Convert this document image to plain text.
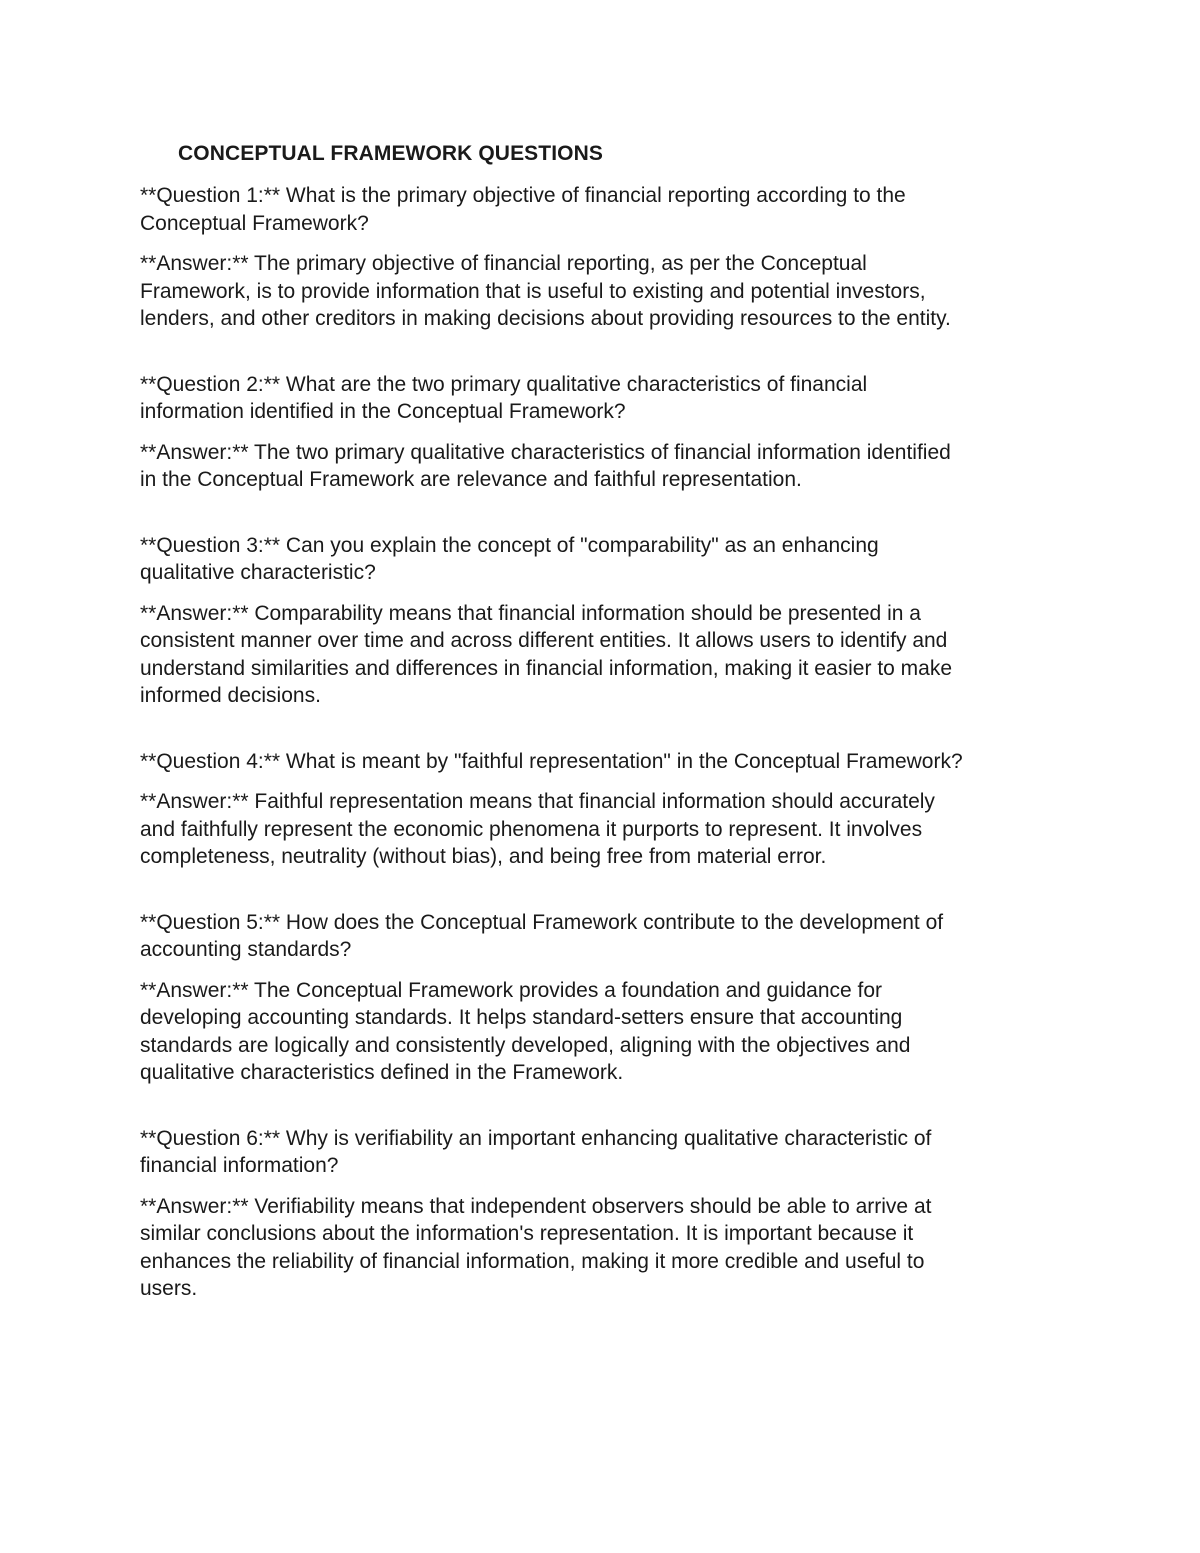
CONCEPTUAL FRAMEWORK QUESTIONS
**Question 1:** What is the primary objective of financial reporting according to the
Conceptual Framework?
**Answer:** The primary objective of financial reporting, as per the Conceptual
Framework, is to provide information that is useful to existing and potential investors,
lenders, and other creditors in making decisions about providing resources to the entity.
**Question 2:** What are the two primary qualitative characteristics of financial
information identified in the Conceptual Framework?
**Answer:** The two primary qualitative characteristics of financial information identified
in the Conceptual Framework are relevance and faithful representation.
**Question 3:** Can you explain the concept of "comparability" as an enhancing
qualitative characteristic?
**Answer:** Comparability means that financial information should be presented in a
consistent manner over time and across different entities. It allows users to identify and
understand similarities and differences in financial information, making it easier to make
informed decisions.
**Question 4:** What is meant by "faithful representation" in the Conceptual Framework?
**Answer:** Faithful representation means that financial information should accurately
and faithfully represent the economic phenomena it purports to represent. It involves
completeness, neutrality (without bias), and being free from material error.
**Question 5:** How does the Conceptual Framework contribute to the development of
accounting standards?
**Answer:** The Conceptual Framework provides a foundation and guidance for
developing accounting standards. It helps standard-setters ensure that accounting
standards are logically and consistently developed, aligning with the objectives and
qualitative characteristics defined in the Framework.
**Question 6:** Why is verifiability an important enhancing qualitative characteristic of
financial information?
**Answer:** Verifiability means that independent observers should be able to arrive at
similar conclusions about the information's representation. It is important because it
enhances the reliability of financial information, making it more credible and useful to
users.
